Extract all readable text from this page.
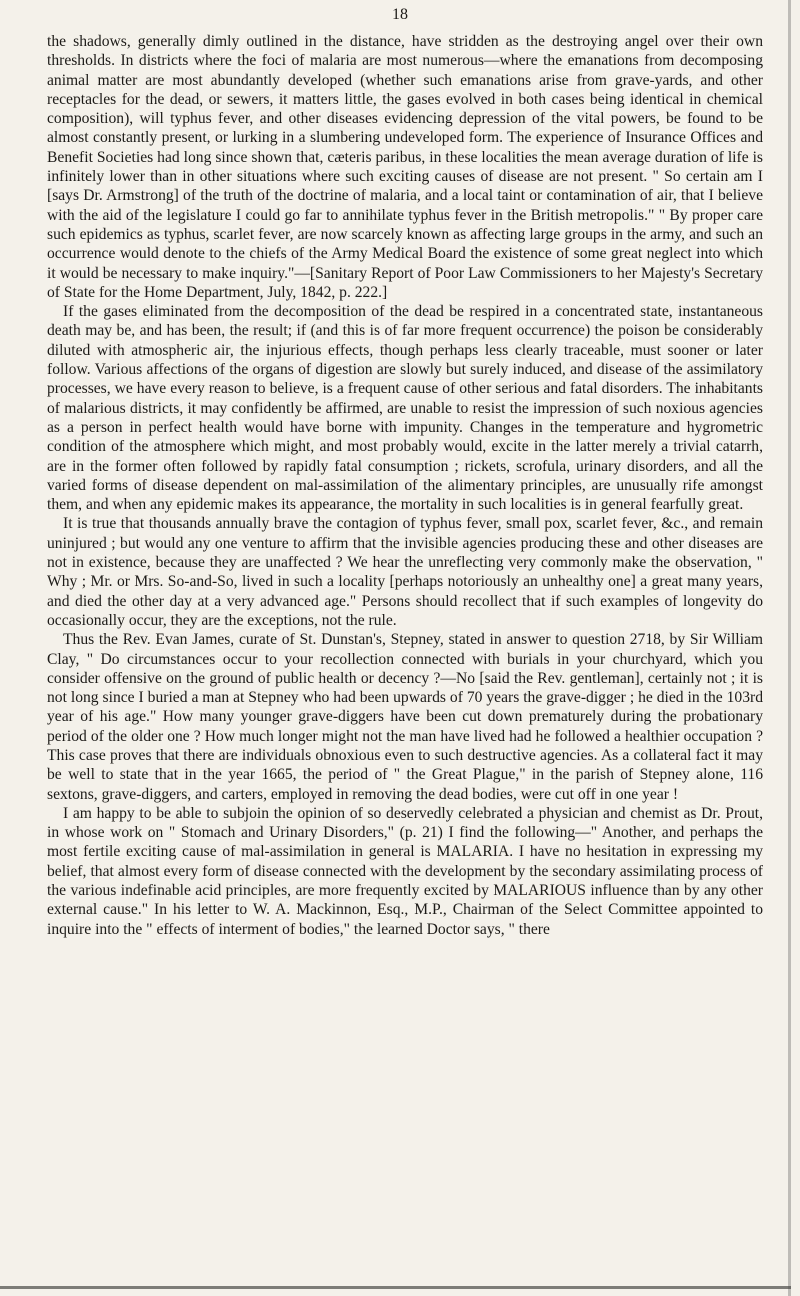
18

the shadows, generally dimly outlined in the distance, have stridden as the destroying angel over their own thresholds. In districts where the foci of malaria are most numerous—where the emanations from decomposing animal matter are most abundantly developed (whether such emanations arise from grave-yards, and other receptacles for the dead, or sewers, it matters little, the gases evolved in both cases being identical in chemical composition), will typhus fever, and other diseases evidencing depression of the vital powers, be found to be almost constantly present, or lurking in a slumbering undeveloped form. The experience of Insurance Offices and Benefit Societies had long since shown that, cæteris paribus, in these localities the mean average duration of life is infinitely lower than in other situations where such exciting causes of disease are not present. " So certain am I [says Dr. Armstrong] of the truth of the doctrine of malaria, and a local taint or contamination of air, that I believe with the aid of the legislature I could go far to annihilate typhus fever in the British metropolis." " By proper care such epidemics as typhus, scarlet fever, are now scarcely known as affecting large groups in the army, and such an occurrence would denote to the chiefs of the Army Medical Board the existence of some great neglect into which it would be necessary to make inquiry."—[Sanitary Report of Poor Law Commissioners to her Majesty's Secretary of State for the Home Department, July, 1842, p. 222.]

If the gases eliminated from the decomposition of the dead be respired in a concentrated state, instantaneous death may be, and has been, the result; if (and this is of far more frequent occurrence) the poison be considerably diluted with atmospheric air, the injurious effects, though perhaps less clearly traceable, must sooner or later follow. Various affections of the organs of digestion are slowly but surely induced, and disease of the assimilatory processes, we have every reason to believe, is a frequent cause of other serious and fatal disorders. The inhabitants of malarious districts, it may confidently be affirmed, are unable to resist the impression of such noxious agencies as a person in perfect health would have borne with impunity. Changes in the temperature and hygrometric condition of the atmosphere which might, and most probably would, excite in the latter merely a trivial catarrh, are in the former often followed by rapidly fatal consumption ; rickets, scrofula, urinary disorders, and all the varied forms of disease dependent on mal-assimilation of the alimentary principles, are unusually rife amongst them, and when any epidemic makes its appearance, the mortality in such localities is in general fearfully great.

It is true that thousands annually brave the contagion of typhus fever, small pox, scarlet fever, &c., and remain uninjured ; but would any one venture to affirm that the invisible agencies producing these and other diseases are not in existence, because they are unaffected ? We hear the unreflecting very commonly make the observation, " Why ; Mr. or Mrs. So-and-So, lived in such a locality [perhaps notoriously an unhealthy one] a great many years, and died the other day at a very advanced age." Persons should recollect that if such examples of longevity do occasionally occur, they are the exceptions, not the rule.

Thus the Rev. Evan James, curate of St. Dunstan's, Stepney, stated in answer to question 2718, by Sir William Clay, " Do circumstances occur to your recollection connected with burials in your churchyard, which you consider offensive on the ground of public health or decency ?—No [said the Rev. gentleman], certainly not ; it is not long since I buried a man at Stepney who had been upwards of 70 years the grave-digger ; he died in the 103rd year of his age." How many younger grave-diggers have been cut down prematurely during the probationary period of the older one ? How much longer might not the man have lived had he followed a healthier occupation ? This case proves that there are individuals obnoxious even to such destructive agencies. As a collateral fact it may be well to state that in the year 1665, the period of " the Great Plague," in the parish of Stepney alone, 116 sextons, grave-diggers, and carters, employed in removing the dead bodies, were cut off in one year !

I am happy to be able to subjoin the opinion of so deservedly celebrated a physician and chemist as Dr. Prout, in whose work on " Stomach and Urinary Disorders," (p. 21) I find the following—" Another, and perhaps the most fertile exciting cause of mal-assimilation in general is MALARIA. I have no hesitation in expressing my belief, that almost every form of disease connected with the development by the secondary assimilating process of the various indefinable acid principles, are more frequently excited by MALARIOUS influence than by any other external cause." In his letter to W. A. Mackinnon, Esq., M.P., Chairman of the Select Committee appointed to inquire into the " effects of interment of bodies," the learned Doctor says, " there
